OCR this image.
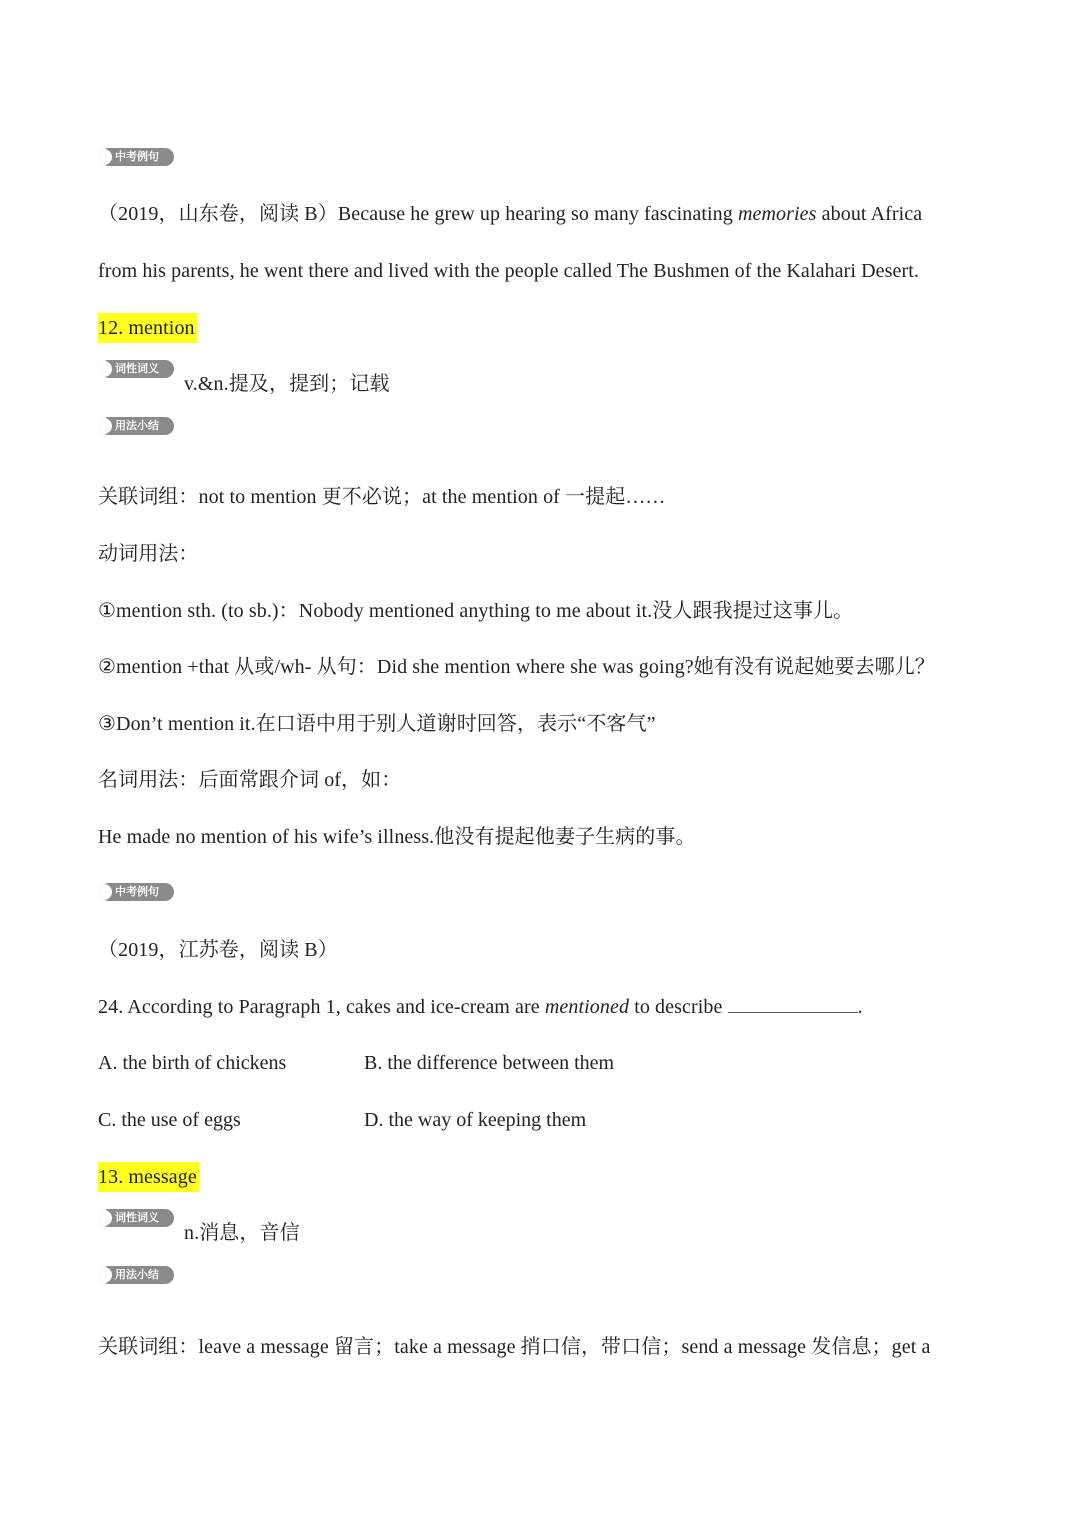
中考例句
（2019，山东卷，阅读 B）Because he grew up hearing so many fascinating memories about Africa
from his parents, he went there and lived with the people called The Bushmen of the Kalahari Desert.
12. mention
词性词义
v.&n.提及，提到；记载
用法小结
关联词组：not to mention 更不必说；at the mention of 一提起……
动词用法：
①mention sth. (to sb.)：Nobody mentioned anything to me about it.没人跟我提过这事儿。
②mention +that 从或/wh- 从句：Did she mention where she was going?她有没有说起她要去哪儿？
③Don’t mention it.在口语中用于别人道谢时回答，表示“不客气”
名词用法：后面常跟介词 of，如：
He made no mention of his wife’s illness.他没有提起他妻子生病的事。
中考例句
（2019，江苏卷，阅读 B）
24. According to Paragraph 1, cakes and ice-cream are mentioned to describe	.
A. the birth of chickens	B. the difference between them
C. the use of eggs	D. the way of keeping them
13. message
词性词义
n.消息，音信
用法小结
关联词组：leave a message 留言；take a message 捎口信，带口信；send a message 发信息；get a
